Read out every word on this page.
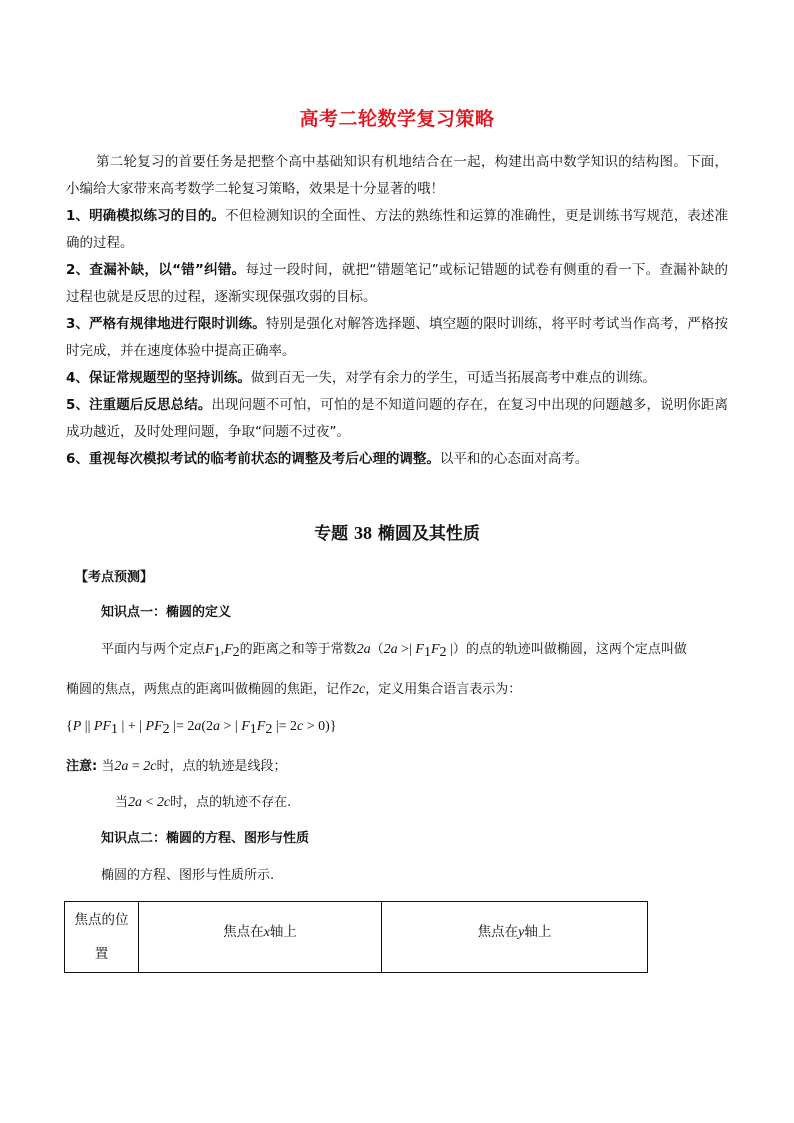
高考二轮数学复习策略
第二轮复习的首要任务是把整个高中基础知识有机地结合在一起，构建出高中数学知识的结构图。下面，小编给大家带来高考数学二轮复习策略，效果是十分显著的哦！
1、明确模拟练习的目的。不但检测知识的全面性、方法的熟练性和运算的准确性，更是训练书写规范，表述准确的过程。
2、查漏补缺，以“错”纠错。每过一段时间，就把“错题笔记”或标记错题的试卷有侧重的看一下。查漏补缺的过程也就是反思的过程，逐渐实现保强攻弱的目标。
3、严格有规律地进行限时训练。特别是强化对解答选择题、填空题的限时训练，将平时考试当作高考，严格按时完成，并在速度体验中提高正确率。
4、保证常规题型的坚持训练。做到百无一失，对学有余力的学生，可适当拓展高考中难点的训练。
5、注重题后反思总结。出现问题不可怕，可怕的是不知道问题的存在，在复习中出现的问题越多，说明你距离成功越近，及时处理问题，争取“问题不过夜”。
6、重视每次模拟考试的临考前状态的调整及考后心理的调整。以平和的心态面对高考。
专题 38 椭圆及其性质
【考点预测】
知识点一：椭圆的定义
平面内与两个定点$F_1,F_2$的距离之和等于常数2a（2a >| $F_1F_2$ |）的点的轨迹叫做椭圆，这两个定点叫做
椭圆的焦点，两焦点的距离叫做椭圆的焦距，记作2c，定义用集合语言表示为：
{P || $PF_1$ | + | $PF_2$ |= 2a(2a > | $F_1F_2$ |= 2c > 0)}
注意: 当2a = 2c时，点的轨迹是线段；
当2a < 2c时，点的轨迹不存在.
知识点二：椭圆的方程、图形与性质
椭圆的方程、图形与性质所示.
焦点的位
置
焦点在x轴上	焦点在y轴上
